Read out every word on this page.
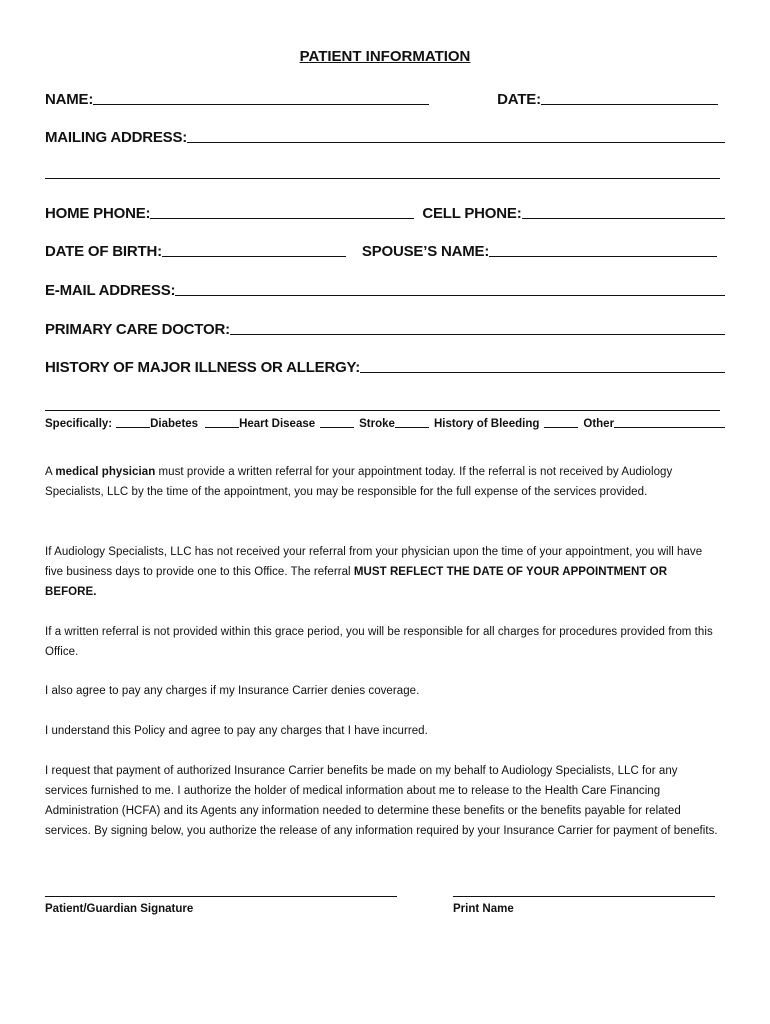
PATIENT INFORMATION
NAME:	DATE:
MAILING ADDRESS:
HOME PHONE:	CELL PHONE:
DATE OF BIRTH:	SPOUSE’S NAME:
E-MAIL ADDRESS:
PRIMARY CARE DOCTOR:
HISTORY OF MAJOR ILLNESS OR ALLERGY:
Specifically:	Diabetes	Heart Disease	Stroke	History of Bleeding	Other
A medical physician must provide a written referral for your appointment today. If the referral is not received by Audiology Specialists, LLC by the time of the appointment, you may be responsible for the full expense of the services provided.
If Audiology Specialists, LLC has not received your referral from your physician upon the time of your appointment, you will have five business days to provide one to this Office. The referral MUST REFLECT THE DATE OF YOUR APPOINTMENT OR BEFORE.
If a written referral is not provided within this grace period, you will be responsible for all charges for procedures provided from this Office.
I also agree to pay any charges if my Insurance Carrier denies coverage.
I understand this Policy and agree to pay any charges that I have incurred.
I request that payment of authorized Insurance Carrier benefits be made on my behalf to Audiology Specialists, LLC for any services furnished to me. I authorize the holder of medical information about me to release to the Health Care Financing Administration (HCFA) and its Agents any information needed to determine these benefits or the benefits payable for related services. By signing below, you authorize the release of any information required by your Insurance Carrier for payment of benefits.
Patient/Guardian Signature	Print Name
